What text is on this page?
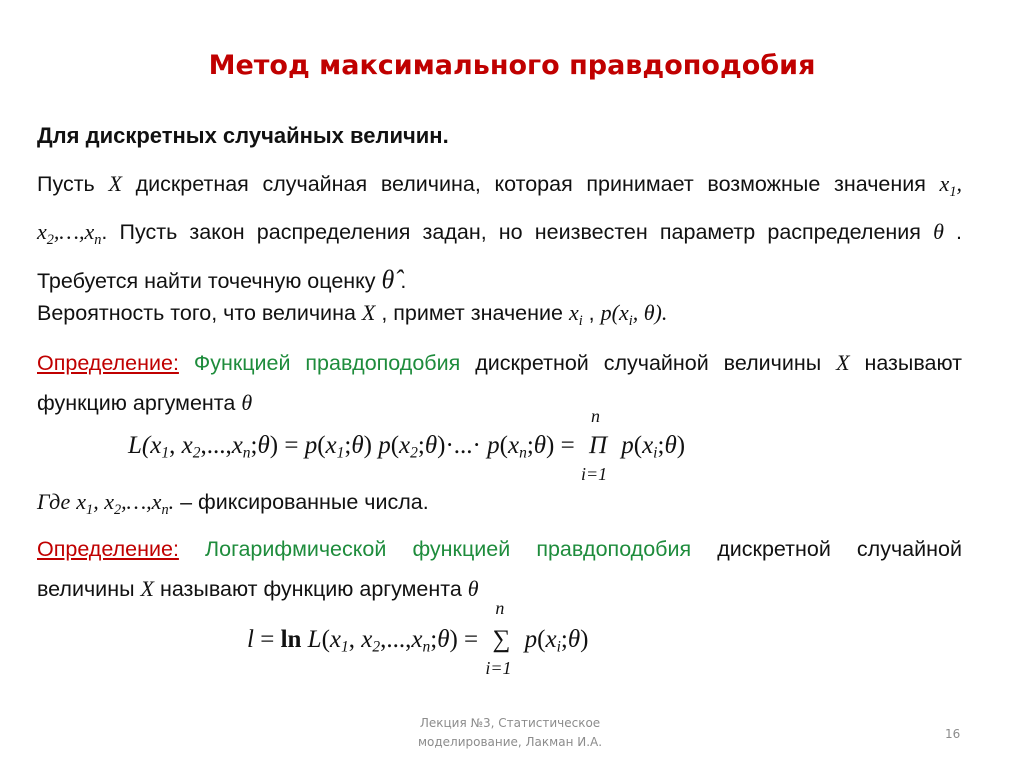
Метод максимального правдоподобия
Для дискретных случайных величин.
Пусть X дискретная случайная величина, которая принимает возможные значения $x_1$, $x_2,\dots,x_n$. Пусть закон распределения задан, но неизвестен параметр распределения θ . Требуется найти точечную оценку θ̂ .
Вероятность того, что величина X , примет значение $x_i$ , $p(x_i$, θ).
Определение: Функцией правдоподобия дискретной случайной величины X называют функцию аргумента θ
L(x1, x2,...,xn;θ) = p(x1;θ) p(x2;θ)·...· p(xn;θ) = Π
n
i=1
p(xi;θ)
Где $x_1$, $x_2,\dots,x_n$. – фиксированные числа.
Определение: Логарифмической функцией правдоподобия дискретной случайной величины X называют функцию аргумента θ
l = ln L(x1, x2,...,xn;θ) = ∑
n
i=1
p(xi;θ)
Лекция №3, Статистическое
моделирование, Лакман И.А.
16
